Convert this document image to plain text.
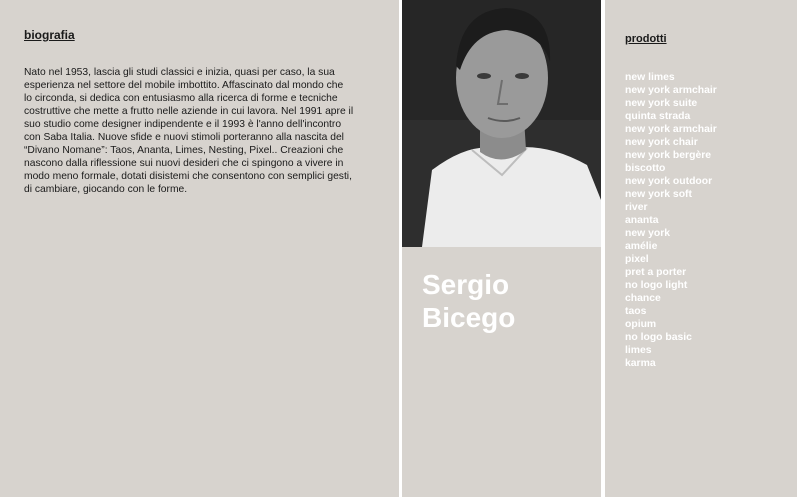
biografia
Nato nel 1953, lascia gli studi classici e inizia, quasi per caso, la sua esperienza nel settore del mobile imbottito. Affascinato dal mondo che lo circonda, si dedica con entusiasmo alla ricerca di forme e tecniche costruttive che mette a frutto nelle aziende in cui lavora. Nel 1991 apre il suo studio come designer indipendente e il 1993 è l'anno dell'incontro con Saba Italia. Nuove sfide e nuovi stimoli porteranno alla nascita del “Divano Nomane”: Taos, Ananta, Limes, Nesting, Pixel.. Creazioni che nascono dalla riflessione sui nuovi desideri che ci spingono a vivere in modo meno formale, dotati disistemi che consentono con semplici gesti, di cambiare, giocando con le forme.
Sergio
Bicego
prodotti
new limes
new york armchair
new york suite
quinta strada
new york armchair
new york chair
new york bergère
biscotto
new york outdoor
new york soft
river
ananta
new york
amélie
pixel
pret a porter
no logo light
chance
taos
opium
no logo basic
limes
karma
